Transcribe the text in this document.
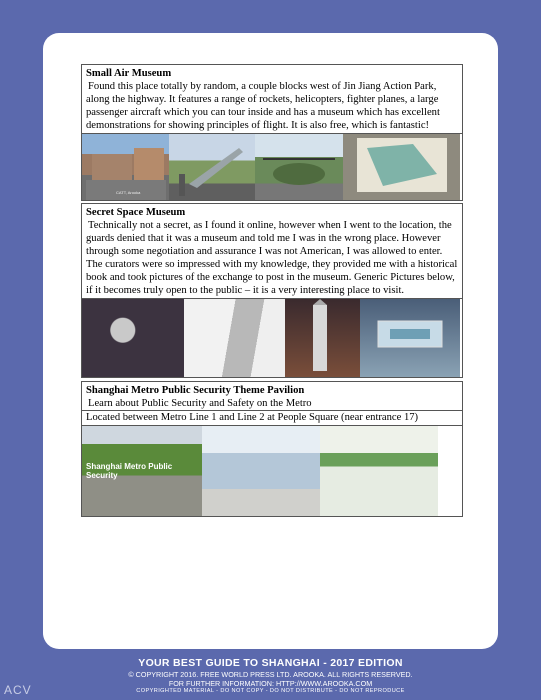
Small Air Museum

Found this place totally by random, a couple blocks west of Jin Jiang Action Park, along the highway. It features a range of rockets, helicopters, fighter planes, a large passenger aircraft which you can tour inside and has a museum which has excellent demonstrations for showing principles of flight. It is also free, which is fantastic!

CATT, Arooka
Secret Space Museum

Technically not a secret, as I found it online, however when I went to the location, the guards denied that it was a museum and told me I was in the wrong place. However through some negotiation and assurance I was not American, I was allowed to enter. The curators were so impressed with my knowledge, they provided me with a historical book and took pictures of the exchange to post in the museum. Generic Pictures below, if it becomes truly open to the public – it is a very interesting place to visit.

Shanghai Metro Public Security Theme Pavilion

Learn about Public Security and Safety on the Metro

Located between Metro Line 1 and Line 2 at People Square (near entrance 17)
Shanghai Metro Public Security
YOUR BEST GUIDE TO SHANGHAI - 2017 EDITION
© COPYRIGHT 2016. FREE WORLD PRESS LTD. AROOKA. ALL RIGHTS RESERVED.
FOR FURTHER INFORMATION: HTTP://WWW.AROOKA.COM
COPYRIGHTED MATERIAL - DO NOT COPY - DO NOT DISTRIBUTE - DO NOT REPRODUCE
ACV
